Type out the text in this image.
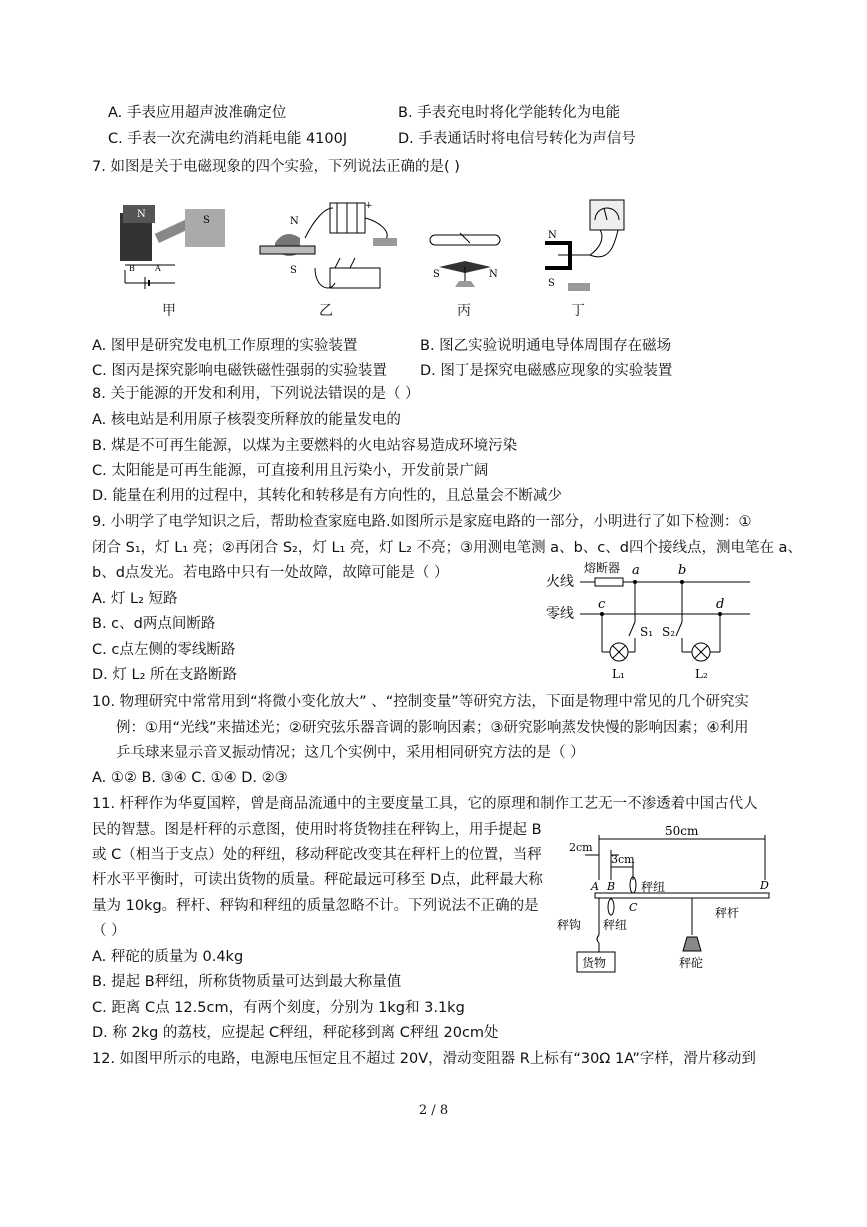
A. 手表应用超声波准确定位	B. 手表充电时将化学能转化为电能
C. 手表一次充满电约消耗电能 4100J	D. 手表通话时将电信号转化为声信号
7. 如图是关于电磁现象的四个实验，下列说法正确的是( )
N
S
B	A
甲
+
N
S
乙
S	N
丙
N
S
丁
A. 图甲是研究发电机工作原理的实验装置	B. 图乙实验说明通电导体周围存在磁场
C. 图丙是探究影响电磁铁磁性强弱的实验装置 D. 图丁是探究电磁感应现象的实验装置
8. 关于能源的开发和利用，下列说法错误的是（ ）
A. 核电站是利用原子核裂变所释放的能量发电的
B. 煤是不可再生能源，以煤为主要燃料的火电站容易造成环境污染
C. 太阳能是可再生能源，可直接利用且污染小，开发前景广阔
D. 能量在利用的过程中，其转化和转移是有方向性的，且总量会不断减少
9. 小明学了电学知识之后，帮助检查家庭电路.如图所示是家庭电路的一部分，小明进行了如下检测：①
闭合 S₁，灯 L₁ 亮；②再闭合 S₂，灯 L₁ 亮，灯 L₂ 不亮；③用测电笔测 a、b、c、d四个接线点，测电笔在 a、
b、d点发光。若电路中只有一处故障，故障可能是（ ）
A. 灯 L₂ 短路
B. c、d两点间断路
C. c点左侧的零线断路
D. 灯 L₂ 所在支路断路
火线
零线
熔断器 a	b
c	d
S₁ S₂
L₁	L₂
10. 物理研究中常常用到“将微小变化放大” 、“控制变量”等研究方法，下面是物理中常见的几个研究实
例：①用“光线”来描述光；②研究弦乐器音调的影响因素；③研究影响蒸发快慢的影响因素；④利用
乒乓球来显示音叉振动情况；这几个实例中，采用相同研究方法的是（ ）
A. ①② B. ③④ C. ①④ D. ②③
11. 杆秤作为华夏国粹，曾是商品流通中的主要度量工具，它的原理和制作工艺无一不渗透着中国古代人
民的智慧。图是杆秤的示意图，使用时将货物挂在秤钩上，用手提起 B
或 C（相当于支点）处的秤纽，移动秤砣改变其在秤杆上的位置，当秤
杆水平平衡时，可读出货物的质量。秤砣最远可移至 D点，此秤最大称
量为 10kg。秤杆、秤钩和秤纽的质量忽略不计。下列说法不正确的是
（ ）
A. 秤砣的质量为 0.4kg
B. 提起 B秤纽，所称货物质量可达到最大称量值
C. 距离 C点 12.5cm，有两个刻度，分别为 1kg和 3.1kg
D. 称 2kg 的荔枝，应提起 C秤纽，秤砣移到离 C秤纽 20cm处
50cm
2cm
3cm
A B
C
D
秤纽
秤纽
秤钩
货物	秤砣
秤杆
12. 如图甲所示的电路，电源电压恒定且不超过 20V，滑动变阻器 R上标有“30Ω 1A”字样，滑片移动到
2 / 8
